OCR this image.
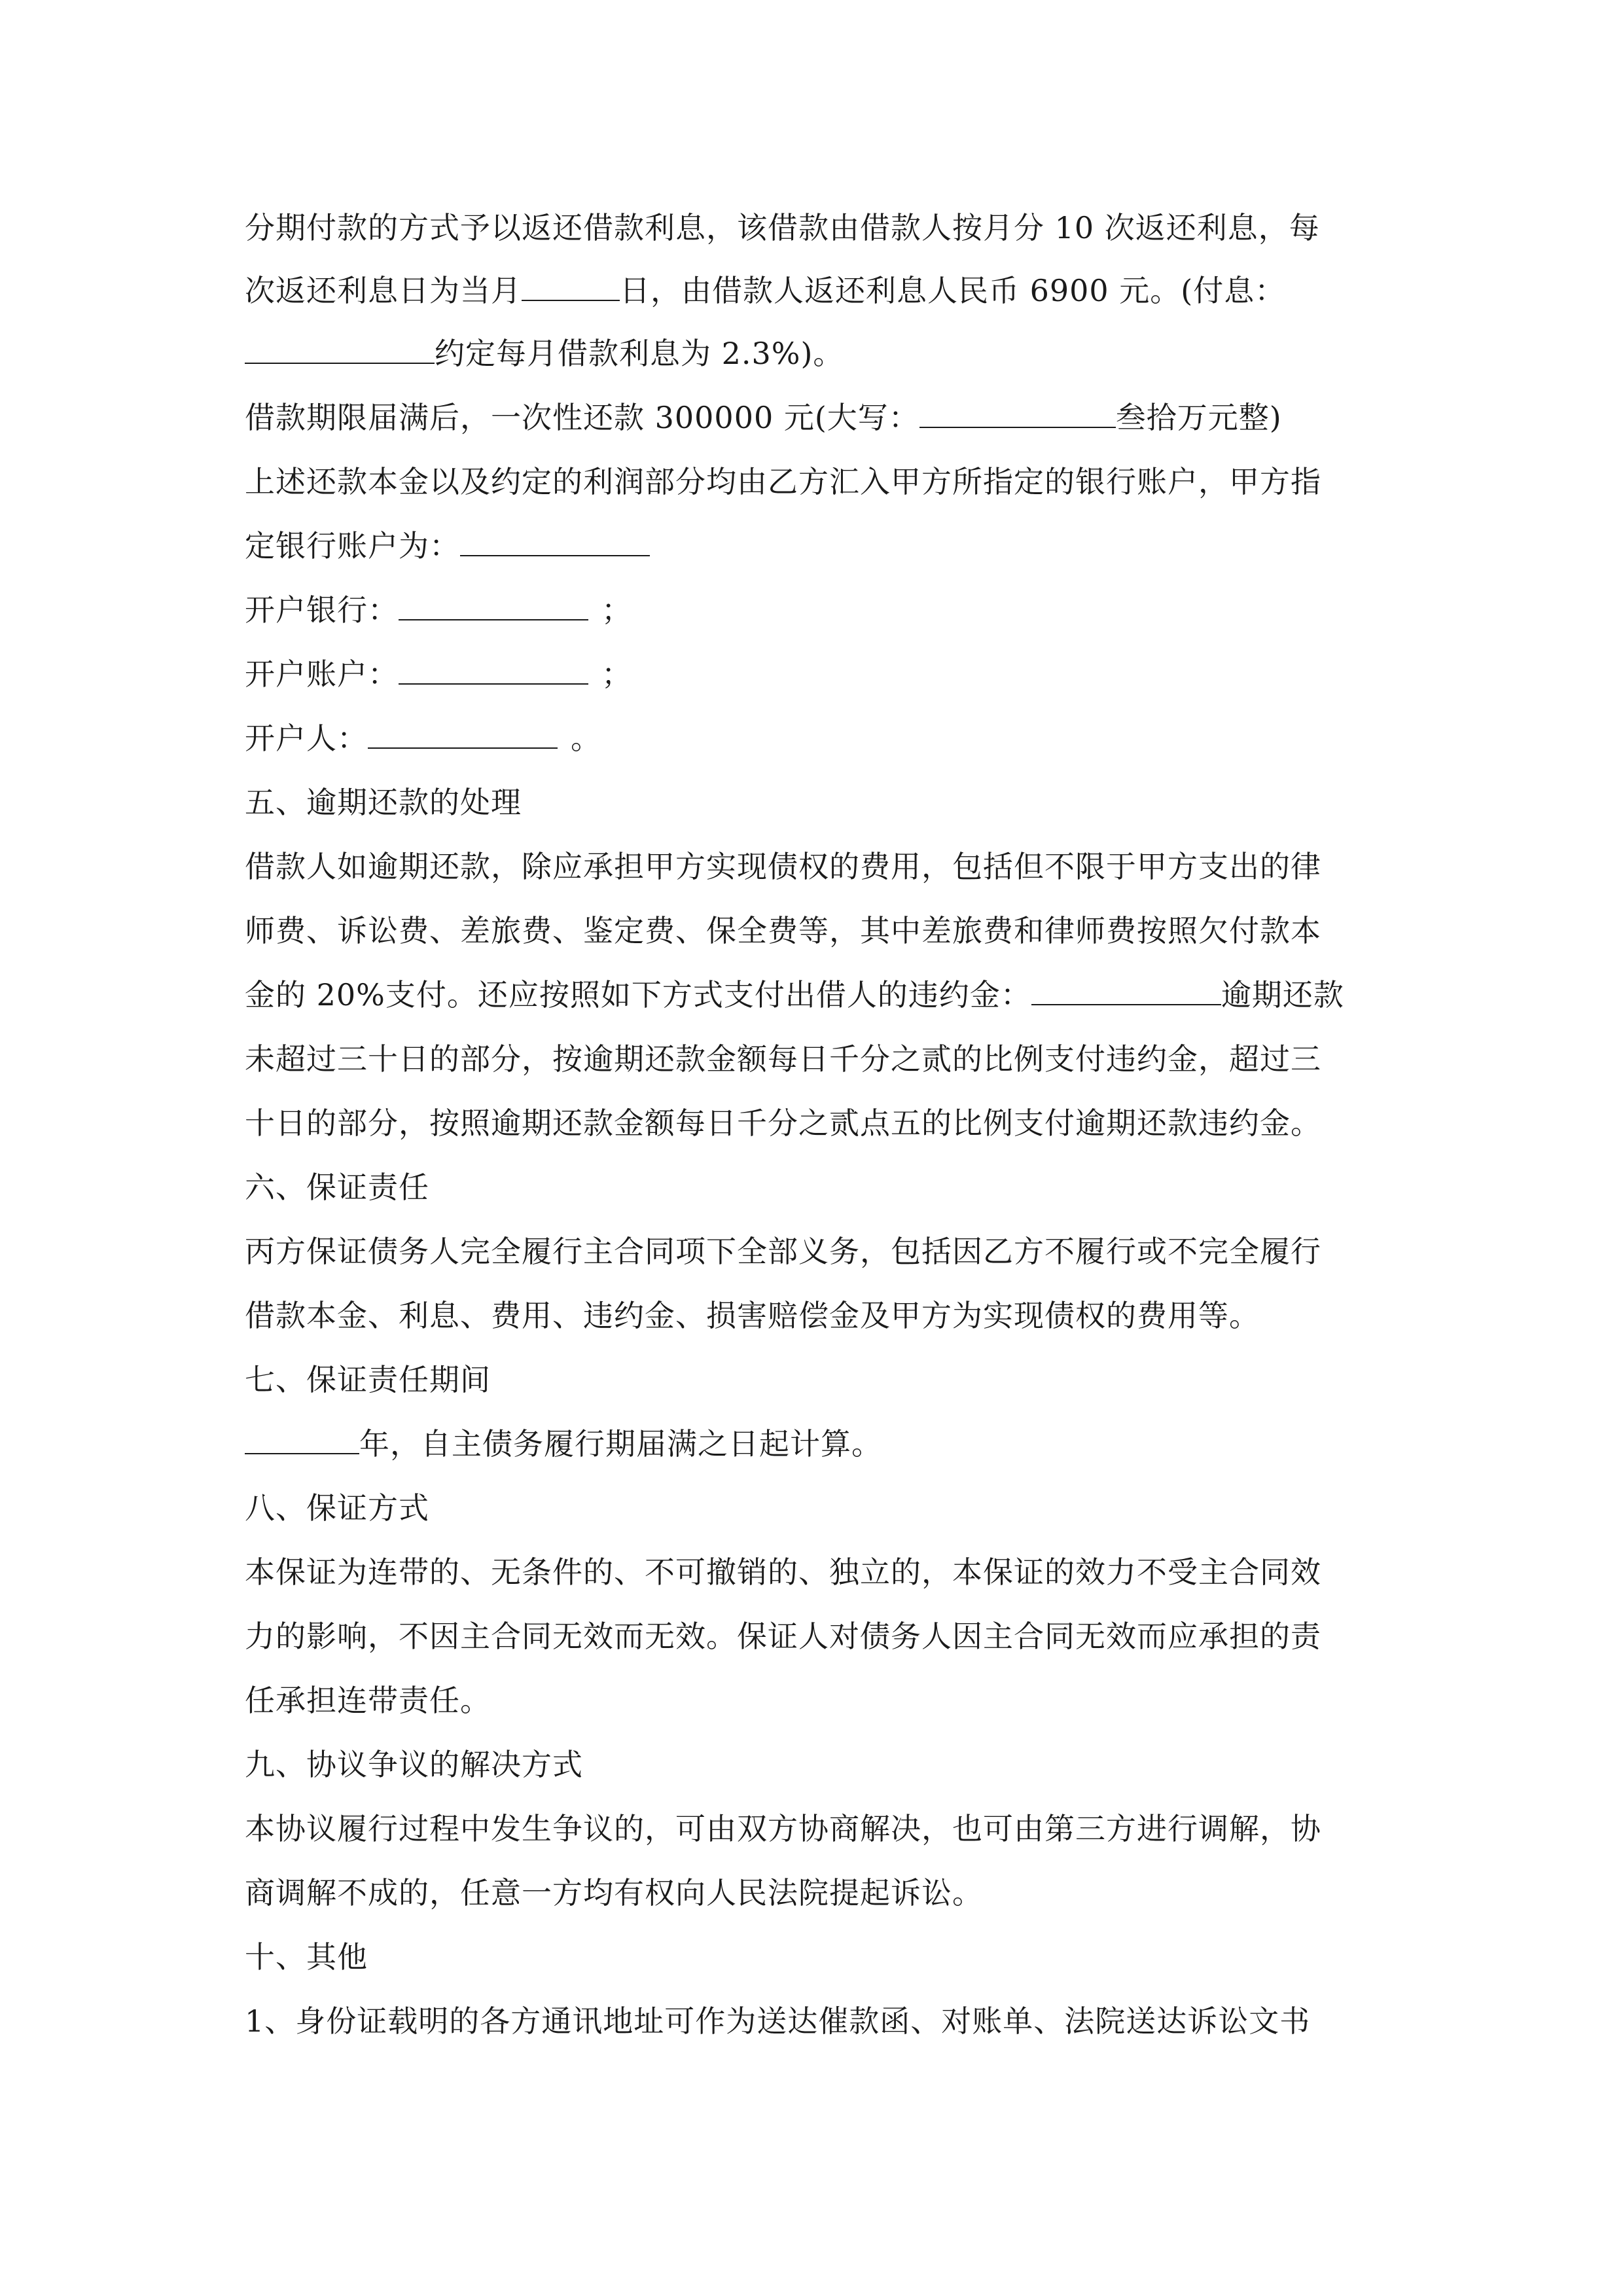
分期付款的方式予以返还借款利息，该借款由借款人按月分 10 次返还利息，每
次返还利息日为当月	日，由借款人返还利息人民币 6900 元。(付息：
约定每月借款利息为 2.3%)。
借款期限届满后，一次性还款 300000 元(大写：	叁拾万元整)
上述还款本金以及约定的利润部分均由乙方汇入甲方所指定的银行账户，甲方指
定银行账户为：
开户银行：	；
开户账户：	；
开户人：	。
五、逾期还款的处理
借款人如逾期还款，除应承担甲方实现债权的费用，包括但不限于甲方支出的律
师费、诉讼费、差旅费、鉴定费、保全费等，其中差旅费和律师费按照欠付款本
金的 20%支付。还应按照如下方式支付出借人的违约金：	逾期还款
未超过三十日的部分，按逾期还款金额每日千分之贰的比例支付违约金，超过三
十日的部分，按照逾期还款金额每日千分之贰点五的比例支付逾期还款违约金。
六、保证责任
丙方保证债务人完全履行主合同项下全部义务，包括因乙方不履行或不完全履行
借款本金、利息、费用、违约金、损害赔偿金及甲方为实现债权的费用等。
七、保证责任期间
年，自主债务履行期届满之日起计算。
八、保证方式
本保证为连带的、无条件的、不可撤销的、独立的，本保证的效力不受主合同效
力的影响，不因主合同无效而无效。保证人对债务人因主合同无效而应承担的责
任承担连带责任。
九、协议争议的解决方式
本协议履行过程中发生争议的，可由双方协商解决，也可由第三方进行调解，协
商调解不成的，任意一方均有权向人民法院提起诉讼。
十、其他
1、身份证载明的各方通讯地址可作为送达催款函、对账单、法院送达诉讼文书
